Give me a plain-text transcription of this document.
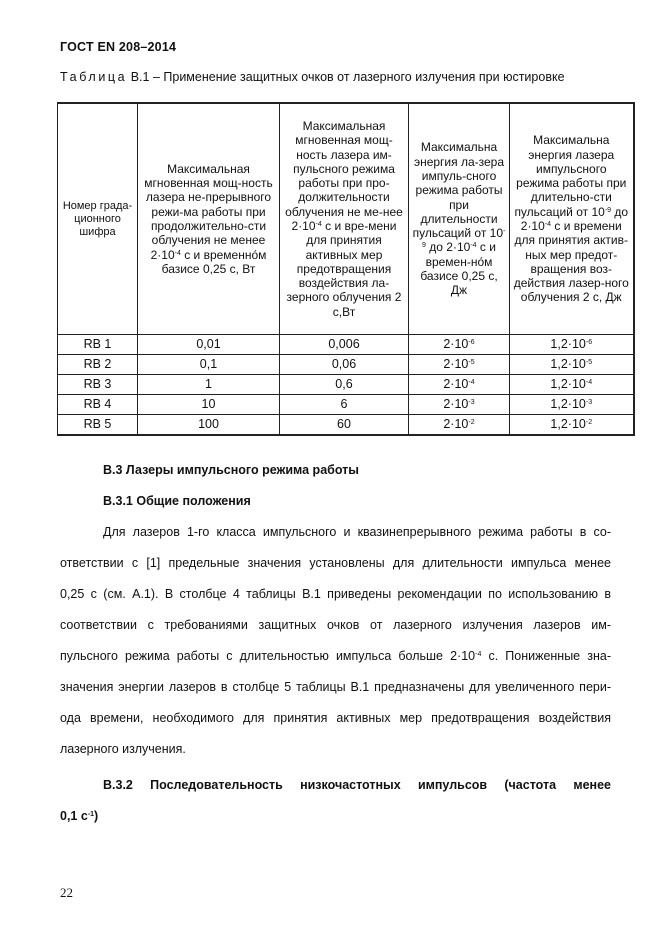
ГОСТ EN 208–2014
Таблица В.1 – Применение защитных очков от лазерного излучения при юстировке
Номер града-ционного шифра	Максимальная мгновенная мощ-ность лазера не-прерывного режи-ма работы при продолжительно-сти облучения не менее $2\cdot 10^{-4}$ с и временно́м базисе 0,25 с, Вт	Максимальная мгновенная мощ-ность лазера им-пульсного режима работы при про-должительности облучения не ме-нее $2\cdot 10^{-4}$ с и вре-мени для принятия активных мер предотвращения воздействия ла-зерного облучения 2 с,Вт	Максимальна энергия ла-зера импуль-сного режима работы при длительности пульсаций от $10^{-9}$ до $2\cdot 10^{-4}$ с и времен-но́м базисе 0,25 с, Дж	Максимальна энергия лазера импульсного режима работы при длительно-сти пульсаций от $10^{-9}$ до $2\cdot 10^{-4}$ с и времени для принятия актив-ных мер предот-вращения воз-действия лазер-ного облучения 2 с, Дж
RB 1	0,01	0,006	$2\cdot 10^{-6}$	$1,2\cdot 10^{-6}$
RB 2	0,1	0,06	$2\cdot 10^{-5}$	$1,2\cdot 10^{-5}$
RB 3	1	0,6	$2\cdot 10^{-4}$	$1,2\cdot 10^{-4}$
RB 4	10	6	$2\cdot 10^{-3}$	$1,2\cdot 10^{-3}$
RB 5	100	60	$2\cdot 10^{-2}$	$1,2\cdot 10^{-2}$
В.3 Лазеры импульсного режима работы
В.3.1 Общие положения
Для лазеров 1-го класса импульсного и квазинепрерывного режима работы в со-
ответствии с [1] предельные значения установлены для длительности импульса менее
0,25 с (см. А.1). В столбце 4 таблицы В.1 приведены рекомендации по использованию в
соответствии с требованиями защитных очков от лазерного излучения лазеров им-
пульсного режима работы с длительностью импульса больше $2\cdot 10^{-4}$ с. Пониженные зна-
значения энергии лазеров в столбце 5 таблицы В.1 предназначены для увеличенного пери-
ода времени, необходимого для принятия активных мер предотвращения воздействия
лазерного излучения.
В.3.2 Последовательность низкочастотных импульсов (частота менее
0,1 $с^{-1}$)
22
